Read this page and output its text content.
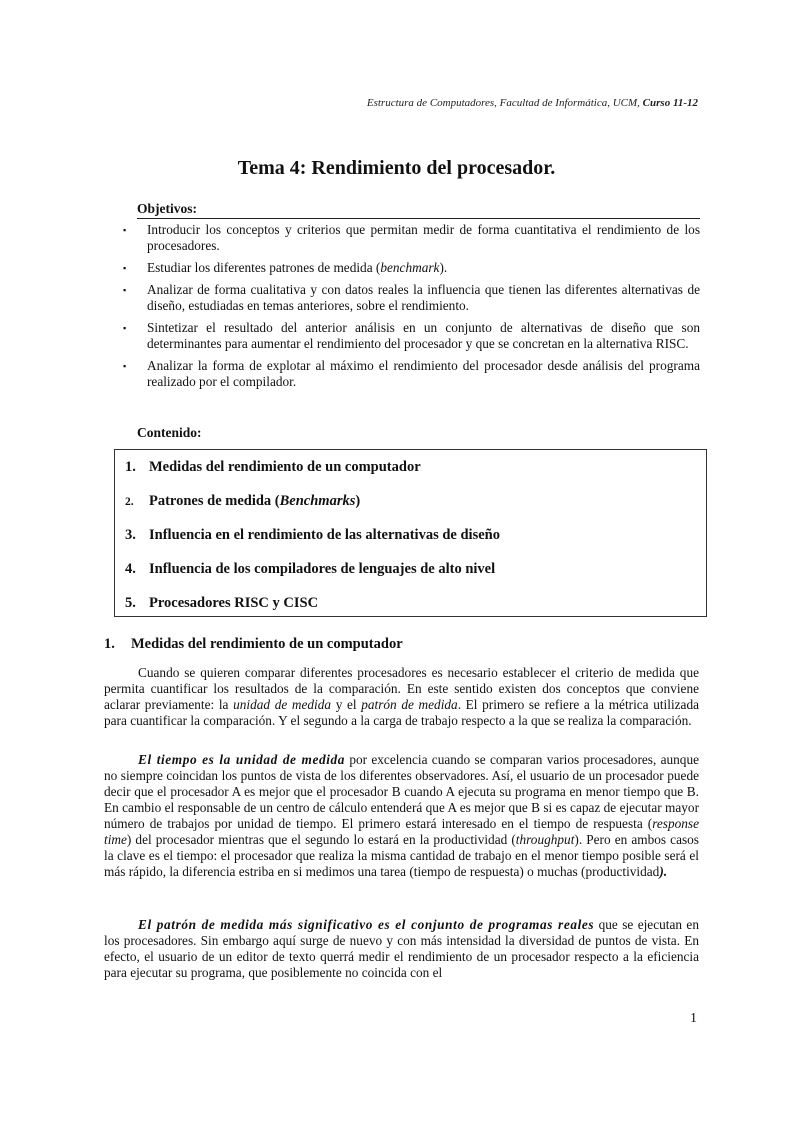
Estructura de Computadores, Facultad de Informática, UCM, Curso 11-12
Tema 4: Rendimiento del procesador.
Objetivos:
▪ Introducir los conceptos y criterios que permitan medir de forma cuantitativa el rendimiento de los procesadores.
▪ Estudiar los diferentes patrones de medida (benchmark).
▪ Analizar de forma cualitativa y con datos reales la influencia que tienen las diferentes alternativas de diseño, estudiadas en temas anteriores, sobre el rendimiento.
▪ Sintetizar el resultado del anterior análisis en un conjunto de alternativas de diseño que son determinantes para aumentar el rendimiento del procesador y que se concretan en la alternativa RISC.
▪ Analizar la forma de explotar al máximo el rendimiento del procesador desde análisis del programa realizado por el compilador.
Contenido:
1. Medidas del rendimiento de un computador
2. Patrones de medida (Benchmarks)
3. Influencia en el rendimiento de las alternativas de diseño
4. Influencia de los compiladores de lenguajes de alto nivel
5. Procesadores RISC y CISC
1. Medidas del rendimiento de un computador

Cuando se quieren comparar diferentes procesadores es necesario establecer el criterio de medida que permita cuantificar los resultados de la comparación. En este sentido existen dos conceptos que conviene aclarar previamente: la unidad de medida y el patrón de medida. El primero se refiere a la métrica utilizada para cuantificar la comparación. Y el segundo a la carga de trabajo respecto a la que se realiza la comparación.

El tiempo es la unidad de medida por excelencia cuando se comparan varios procesadores, aunque no siempre coincidan los puntos de vista de los diferentes observadores. Así, el usuario de un procesador puede decir que el procesador A es mejor que el procesador B cuando A ejecuta su programa en menor tiempo que B. En cambio el responsable de un centro de cálculo entenderá que A es mejor que B si es capaz de ejecutar mayor número de trabajos por unidad de tiempo. El primero estará interesado en el tiempo de respuesta (response time) del procesador mientras que el segundo lo estará en la productividad (throughput). Pero en ambos casos la clave es el tiempo: el procesador que realiza la misma cantidad de trabajo en el menor tiempo posible será el más rápido, la diferencia estriba en si medimos una tarea (tiempo de respuesta) o muchas (productividad).

El patrón de medida más significativo es el conjunto de programas reales que se ejecutan en los procesadores. Sin embargo aquí surge de nuevo y con más intensidad la diversidad de puntos de vista. En efecto, el usuario de un editor de texto querrá medir el rendimiento de un procesador respecto a la eficiencia para ejecutar su programa, que posiblemente no coincida con el

1
